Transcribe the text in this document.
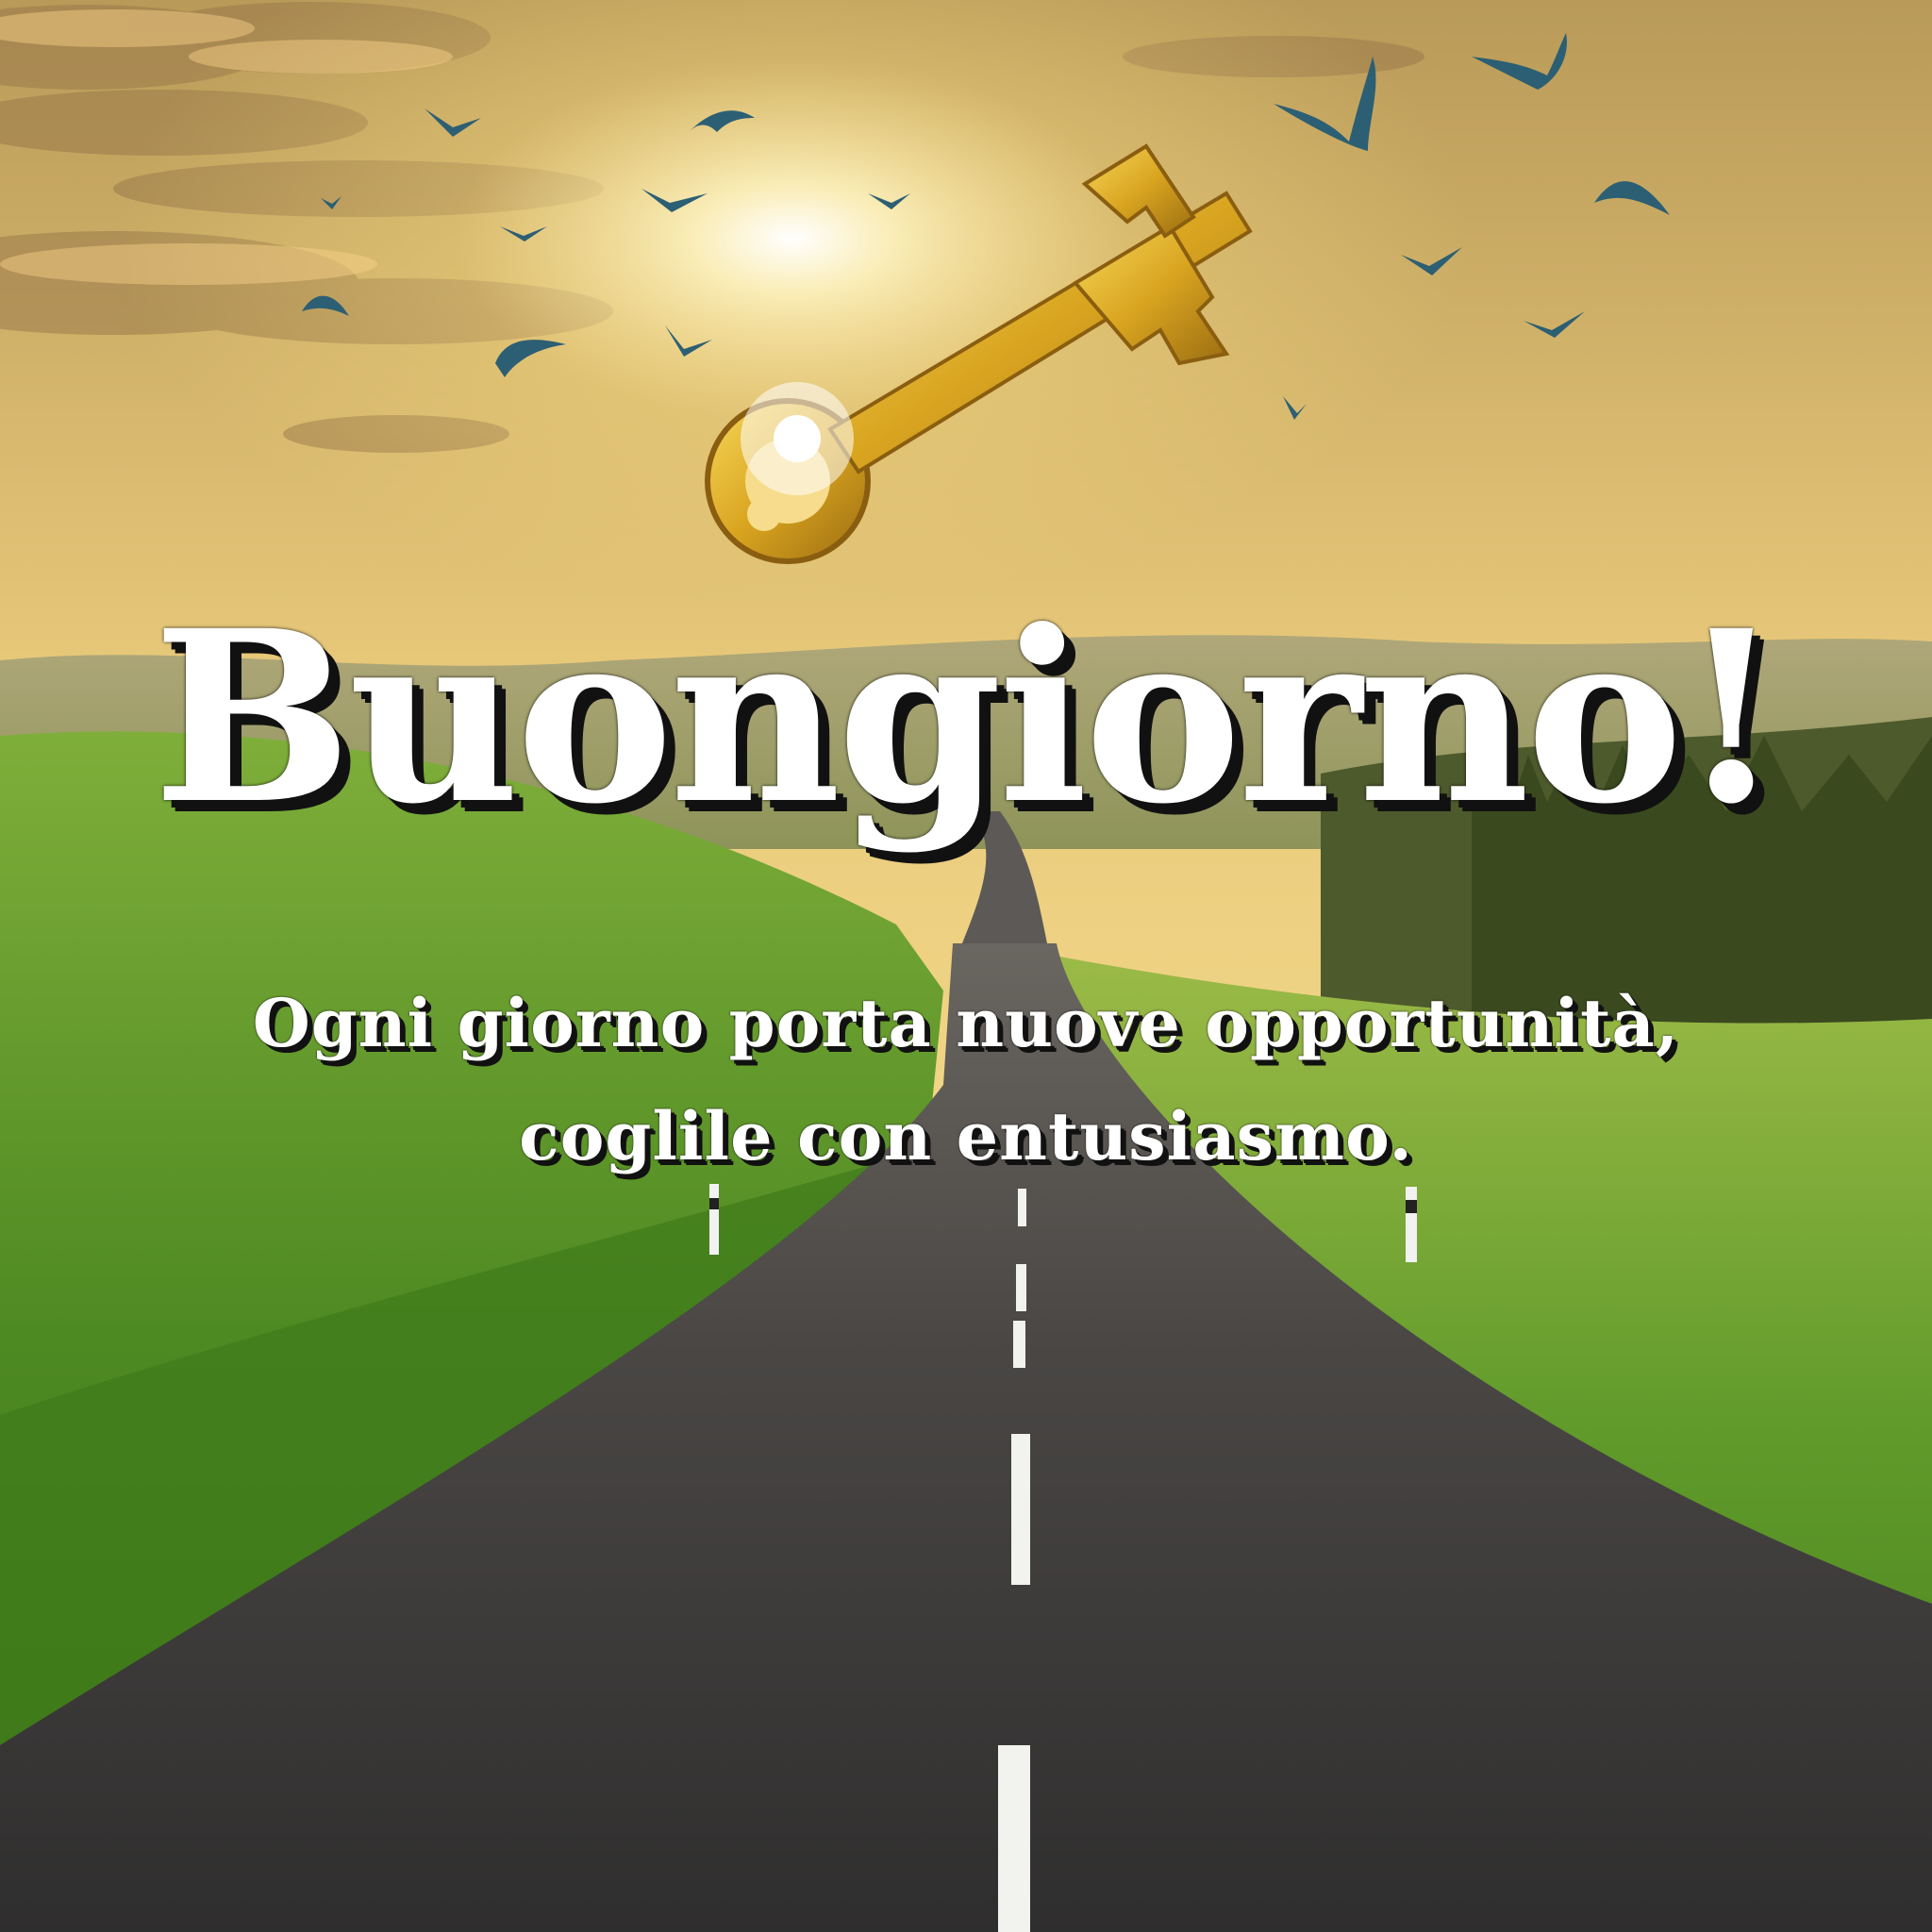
Buongiorno!

Ogni giorno porta nuove opportunità,

coglile con entusiasmo.
